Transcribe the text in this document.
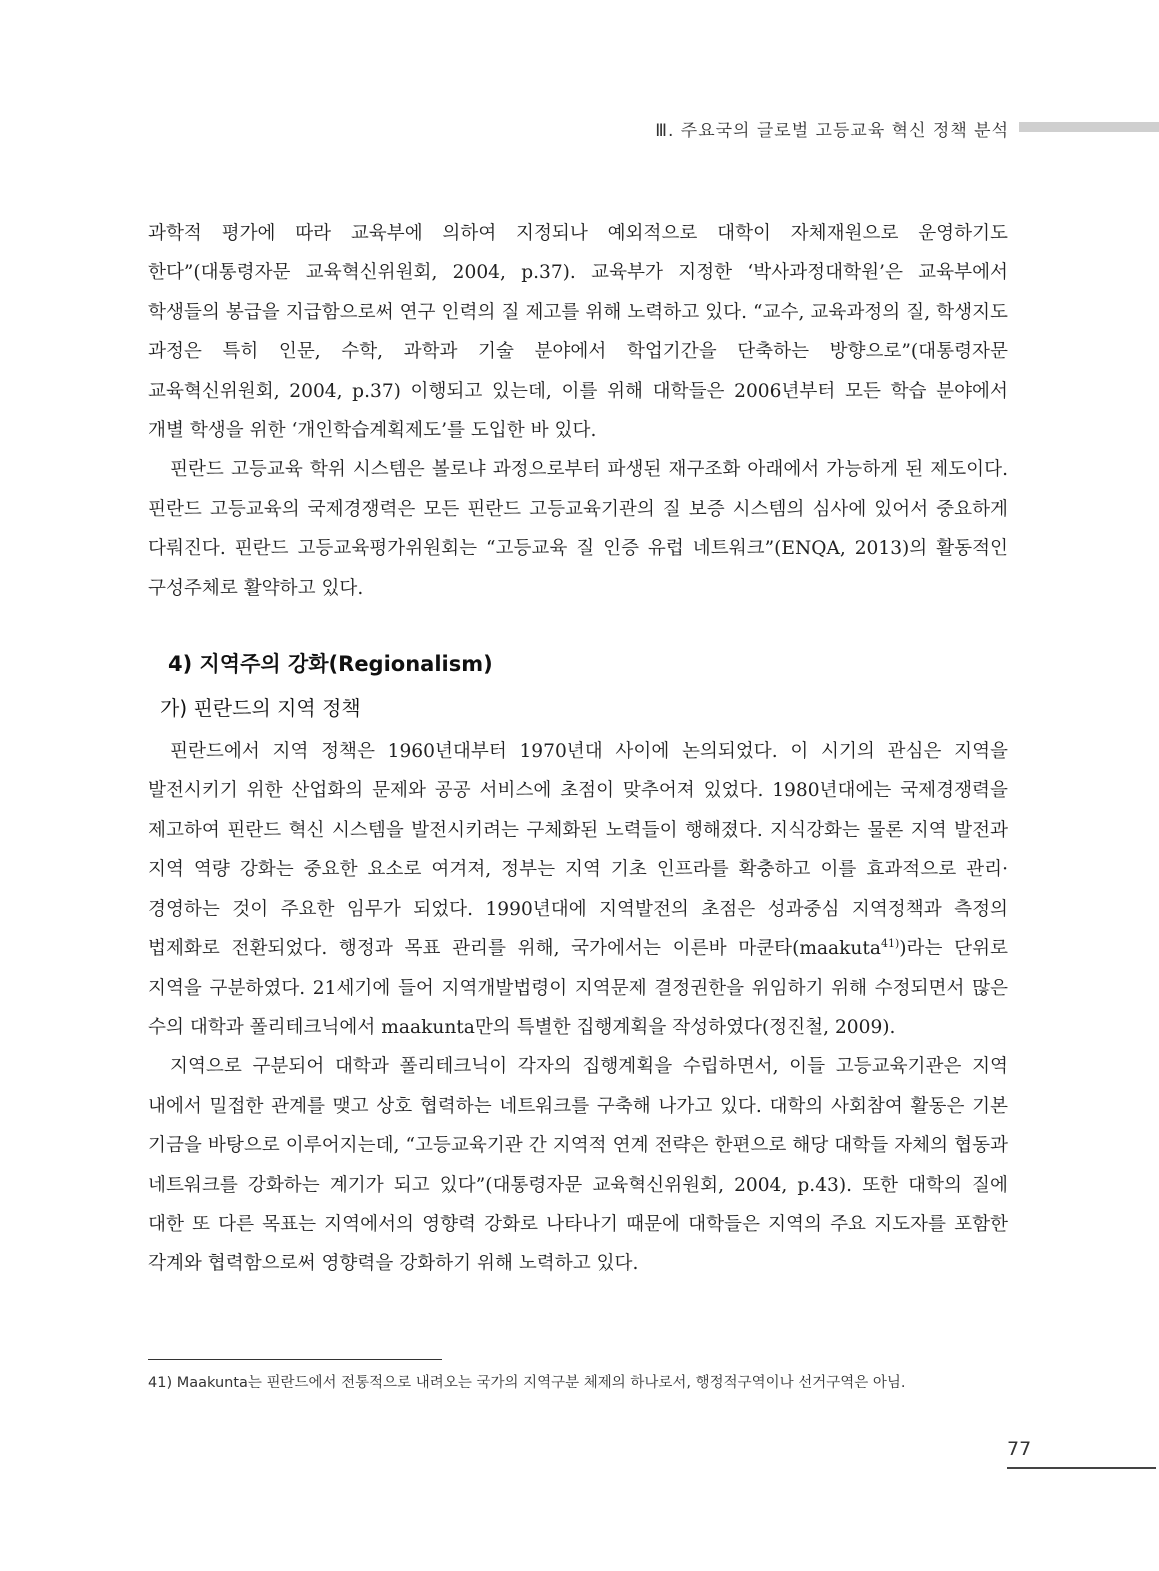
Ⅲ. 주요국의 글로벌 고등교육 혁신 정책 분석

과학적 평가에 따라 교육부에 의하여 지정되나 예외적으로 대학이 자체재원으로 운영하기도 한다”(대통령자문 교육혁신위원회, 2004, p.37). 교육부가 지정한 ‘박사과정대학원’은 교육부에서 학생들의 봉급을 지급함으로써 연구 인력의 질 제고를 위해 노력하고 있다. “교수, 교육과정의 질, 학생지도 과정은 특히 인문, 수학, 과학과 기술 분야에서 학업기간을 단축하는 방향으로”(대통령자문 교육혁신위원회, 2004, p.37) 이행되고 있는데, 이를 위해 대학들은 2006년부터 모든 학습 분야에서 개별 학생을 위한 ‘개인학습계획제도’를 도입한 바 있다.

핀란드 고등교육 학위 시스템은 볼로냐 과정으로부터 파생된 재구조화 아래에서 가능하게 된 제도이다. 핀란드 고등교육의 국제경쟁력은 모든 핀란드 고등교육기관의 질 보증 시스템의 심사에 있어서 중요하게 다뤄진다. 핀란드 고등교육평가위원회는 “고등교육 질 인증 유럽 네트워크”(ENQA, 2013)의 활동적인 구성주체로 활약하고 있다.

4) 지역주의 강화(Regionalism)
가) 핀란드의 지역 정책

핀란드에서 지역 정책은 1960년대부터 1970년대 사이에 논의되었다. 이 시기의 관심은 지역을 발전시키기 위한 산업화의 문제와 공공 서비스에 초점이 맞추어져 있었다. 1980년대에는 국제경쟁력을 제고하여 핀란드 혁신 시스템을 발전시키려는 구체화된 노력들이 행해졌다. 지식강화는 물론 지역 발전과 지역 역량 강화는 중요한 요소로 여겨져, 정부는 지역 기초 인프라를 확충하고 이를 효과적으로 관리·경영하는 것이 주요한 임무가 되었다. 1990년대에 지역발전의 초점은 성과중심 지역정책과 측정의 법제화로 전환되었다. 행정과 목표 관리를 위해, 국가에서는 이른바 마쿤타(maakuta$^{41)}$)라는 단위로 지역을 구분하였다. 21세기에 들어 지역개발법령이 지역문제 결정권한을 위임하기 위해 수정되면서 많은 수의 대학과 폴리테크닉에서 maakunta만의 특별한 집행계획을 작성하였다(정진철, 2009).

지역으로 구분되어 대학과 폴리테크닉이 각자의 집행계획을 수립하면서, 이들 고등교육기관은 지역 내에서 밀접한 관계를 맺고 상호 협력하는 네트워크를 구축해 나가고 있다. 대학의 사회참여 활동은 기본 기금을 바탕으로 이루어지는데, “고등교육기관 간 지역적 연계 전략은 한편으로 해당 대학들 자체의 협동과 네트워크를 강화하는 계기가 되고 있다”(대통령자문 교육혁신위원회, 2004, p.43). 또한 대학의 질에 대한 또 다른 목표는 지역에서의 영향력 강화로 나타나기 때문에 대학들은 지역의 주요 지도자를 포함한 각계와 협력함으로써 영향력을 강화하기 위해 노력하고 있다.

41) Maakunta는 핀란드에서 전통적으로 내려오는 국가의 지역구분 체제의 하나로서, 행정적구역이나 선거구역은 아님.
77
